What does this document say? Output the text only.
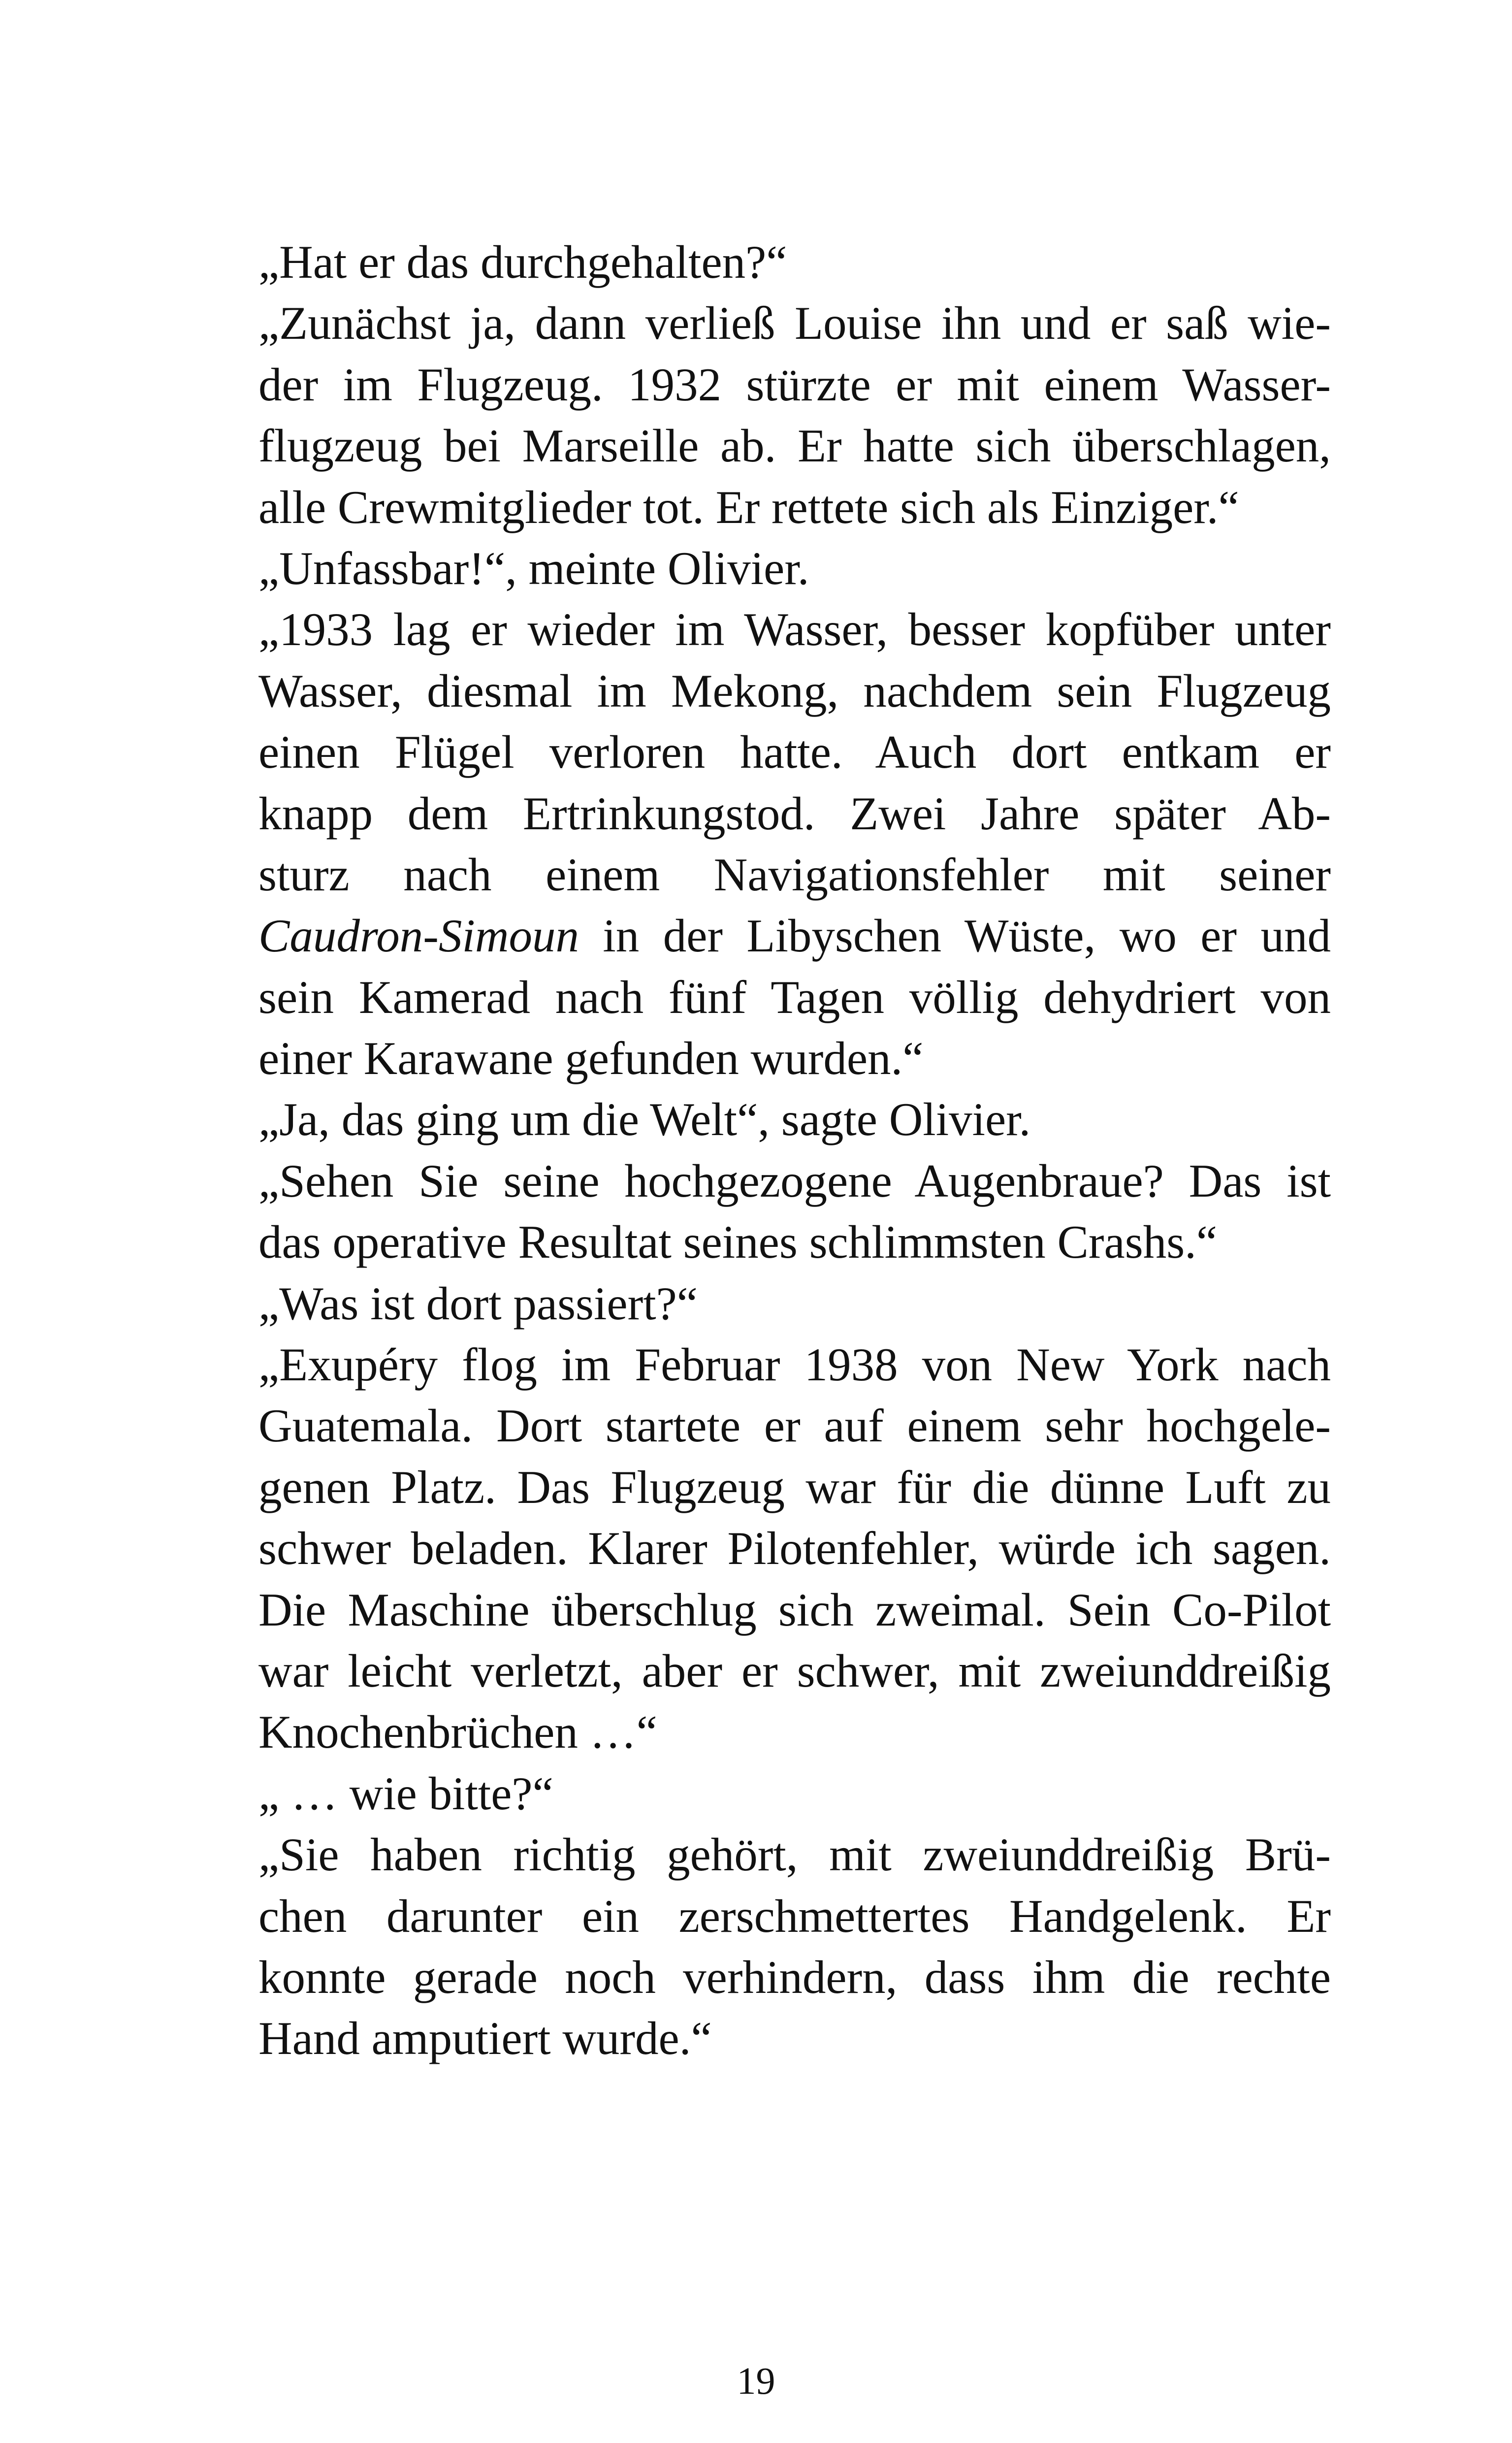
„Hat er das durchgehalten?“
„Zunächst ja, dann verließ Louise ihn und er saß wie-
der im Flugzeug. 1932 stürzte er mit einem Wasser-
flugzeug bei Marseille ab. Er hatte sich überschlagen,
alle Crewmitglieder tot. Er rettete sich als Einziger.“
„Unfassbar!“, meinte Olivier.
„1933 lag er wieder im Wasser, besser kopfüber unter
Wasser, diesmal im Mekong, nachdem sein Flugzeug
einen Flügel verloren hatte. Auch dort entkam er
knapp dem Ertrinkungstod. Zwei Jahre später Ab-
sturz nach einem Navigationsfehler mit seiner
Caudron-Simoun in der Libyschen Wüste, wo er und
sein Kamerad nach fünf Tagen völlig dehydriert von
einer Karawane gefunden wurden.“
„Ja, das ging um die Welt“, sagte Olivier.
„Sehen Sie seine hochgezogene Augenbraue? Das ist
das operative Resultat seines schlimmsten Crashs.“
„Was ist dort passiert?“
„Exupéry flog im Februar 1938 von New York nach
Guatemala. Dort startete er auf einem sehr hochgele-
genen Platz. Das Flugzeug war für die dünne Luft zu
schwer beladen. Klarer Pilotenfehler, würde ich sagen.
Die Maschine überschlug sich zweimal. Sein Co-Pilot
war leicht verletzt, aber er schwer, mit zweiunddreißig
Knochenbrüchen …“
„ … wie bitte?“
„Sie haben richtig gehört, mit zweiunddreißig Brü-
chen darunter ein zerschmettertes Handgelenk. Er
konnte gerade noch verhindern, dass ihm die rechte
Hand amputiert wurde.“
19
